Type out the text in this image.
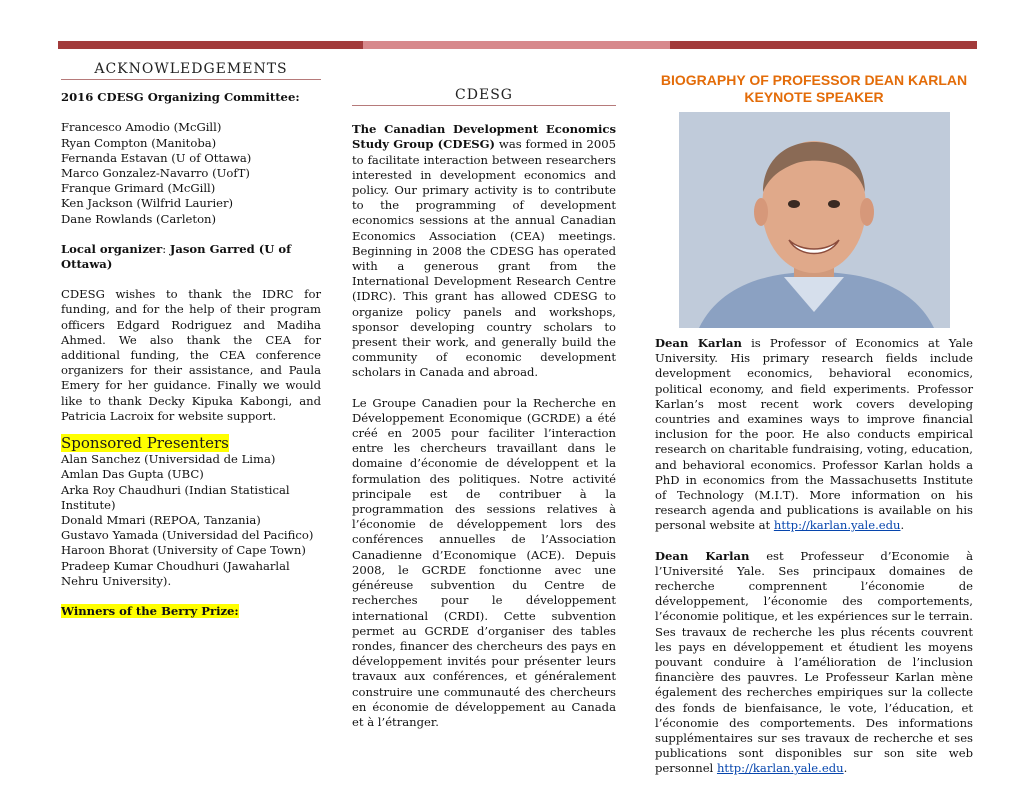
ACKNOWLEDGEMENTS

2016 CDESG Organizing Committee:

Francesco Amodio (McGill)

Ryan Compton (Manitoba)

Fernanda Estavan (U of Ottawa)

Marco Gonzalez-Navarro (UofT)

Franque Grimard (McGill)

Ken Jackson (Wilfrid Laurier)

Dane Rowlands (Carleton)

Local organizer: Jason Garred (U of Ottawa)

CDESG wishes to thank the IDRC for funding, and for the help of their program officers Edgard Rodriguez and Madiha Ahmed. We also thank the CEA for additional funding, the CEA conference organizers for their assistance, and Paula Emery for her guidance. Finally we would like to thank Decky Kipuka Kabongi, and Patricia Lacroix for website support.

Sponsored Presenters

Alan Sanchez (Universidad de Lima)

Amlan Das Gupta (UBC)

Arka Roy Chaudhuri (Indian Statistical Institute)

Donald Mmari (REPOA, Tanzania)

Gustavo Yamada (Universidad del Pacifico)

Haroon Bhorat (University of Cape Town)

Pradeep Kumar Choudhuri (Jawaharlal Nehru University).

Winners of the Berry Prize:

CDESG

The Canadian Development Economics Study Group (CDESG) was formed in 2005 to facilitate interaction between researchers interested in development economics and policy. Our primary activity is to contribute to the programming of development economics sessions at the annual Canadian Economics Association (CEA) meetings. Beginning in 2008 the CDESG has operated with a generous grant from the International Development Research Centre (IDRC). This grant has allowed CDESG to organize policy panels and workshops, sponsor developing country scholars to present their work, and generally build the community of economic development scholars in Canada and abroad.

Le Groupe Canadien pour la Recherche en Développement Economique (GCRDE) a été créé en 2005 pour faciliter l’interaction entre les chercheurs travaillant dans le domaine d’économie de développent et la formulation des politiques. Notre activité principale est de contribuer à la programmation des sessions relatives à l’économie de développement lors des conférences annuelles de l’Association Canadienne d’Economique (ACE). Depuis 2008, le GCRDE fonctionne avec une généreuse subvention du Centre de recherches pour le développement international (CRDI). Cette subvention permet au GCRDE d’organiser des tables rondes, financer des chercheurs des pays en développement invités pour présenter leurs travaux aux conférences, et généralement construire une communauté des chercheurs en économie de développement au Canada et à l’étranger.

BIOGRAPHY OF PROFESSOR DEAN KARLAN
KEYNOTE SPEAKER

Dean Karlan is Professor of Economics at Yale University. His primary research fields include development economics, behavioral economics, political economy, and field experiments. Professor Karlan’s most recent work covers developing countries and examines ways to improve financial inclusion for the poor. He also conducts empirical research on charitable fundraising, voting, education, and behavioral economics. Professor Karlan holds a PhD in economics from the Massachusetts Institute of Technology (M.I.T). More information on his research agenda and publications is available on his personal website at http://karlan.yale.edu.

Dean Karlan est Professeur d’Economie à l’Université Yale. Ses principaux domaines de recherche comprennent l’économie de développement, l’économie des comportements, l’économie politique, et les expériences sur le terrain. Ses travaux de recherche les plus récents couvrent les pays en développement et étudient les moyens pouvant conduire à l’amélioration de l’inclusion financière des pauvres. Le Professeur Karlan mène également des recherches empiriques sur la collecte des fonds de bienfaisance, le vote, l’éducation, et l’économie des comportements. Des informations supplémentaires sur ses travaux de recherche et ses publications sont disponibles sur son site web personnel http://karlan.yale.edu.
